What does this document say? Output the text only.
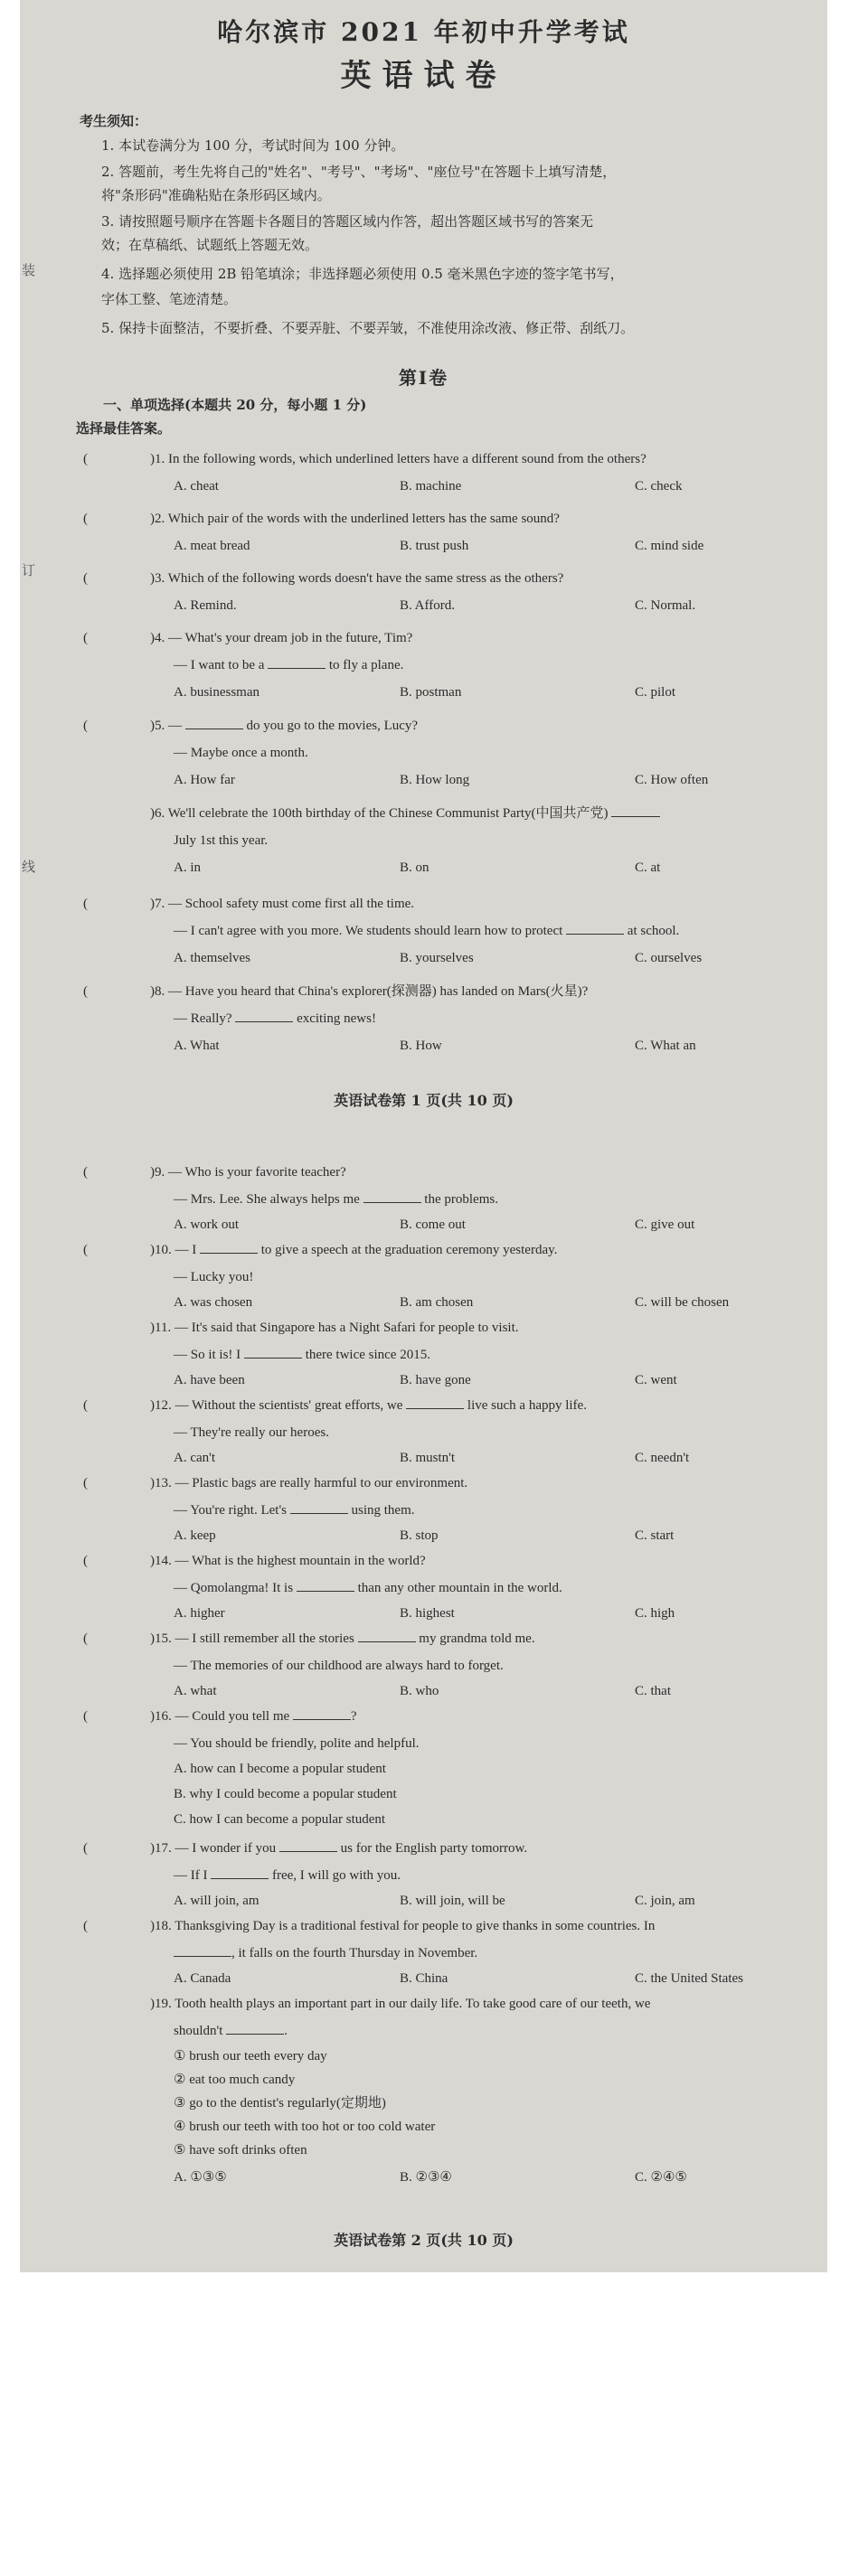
哈尔滨市 2021 年初中升学考试
英语试卷
考生须知：
1. 本试卷满分为 100 分，考试时间为 100 分钟。
2. 答题前，考生先将自己的"姓名"、"考号"、"考场"、"座位号"在答题卡上填写清楚，
将"条形码"准确粘贴在条形码区域内。
3. 请按照题号顺序在答题卡各题目的答题区域内作答，超出答题区域书写的答案无
效；在草稿纸、试题纸上答题无效。
4. 选择题必须使用 2B 铅笔填涂；非选择题必须使用 0.5 毫米黑色字迹的签字笔书写，
字体工整、笔迹清楚。
5. 保持卡面整洁，不要折叠、不要弄脏、不要弄皱，不准使用涂改液、修正带、刮纸刀。
装
订
线
第Ⅰ卷
一、单项选择(本题共 20 分，每小题 1 分)
选择最佳答案。
(	)1. In the following words, which underlined letters have a different sound from the others?
A. cheat	B. machine	C. check
(	)2. Which pair of the words with the underlined letters has the same sound?
A. meat bread	B. trust push	C. mind side
(	)3. Which of the following words doesn't have the same stress as the others?
A. Remind.	B. Afford.	C. Normal.
(	)4. — What's your dream job in the future, Tim?
— I want to be a	to fly a plane.
A. businessman	B. postman	C. pilot
(	)5. —	do you go to the movies, Lucy?
— Maybe once a month.
A. How far	B. How long	C. How often
)6. We'll celebrate the 100th birthday of the Chinese Communist Party(中国共产党)
July 1st this year.
A. in	B. on	C. at
(	)7. — School safety must come first all the time.
— I can't agree with you more. We students should learn how to protect	at school.
A. themselves	B. yourselves	C. ourselves
(	)8. — Have you heard that China's explorer(探测器) has landed on Mars(火星)?
— Really?	exciting news!
A. What	B. How	C. What an
英语试卷第 1 页(共 10 页)
(	)9. — Who is your favorite teacher?
— Mrs. Lee. She always helps me	the problems.
A. work out	B. come out	C. give out
(	)10. — I	to give a speech at the graduation ceremony yesterday.
— Lucky you!
A. was chosen	B. am chosen	C. will be chosen
)11. — It's said that Singapore has a Night Safari for people to visit.
— So it is! I	there twice since 2015.
A. have been	B. have gone	C. went
(	)12. — Without the scientists' great efforts, we	live such a happy life.
— They're really our heroes.
A. can't	B. mustn't	C. needn't
(	)13. — Plastic bags are really harmful to our environment.
— You're right. Let's	using them.
A. keep	B. stop	C. start
(	)14. — What is the highest mountain in the world?
— Qomolangma! It is	than any other mountain in the world.
A. higher	B. highest	C. high
(	)15. — I still remember all the stories	my grandma told me.
— The memories of our childhood are always hard to forget.
A. what	B. who	C. that
(	)16. — Could you tell me	?
— You should be friendly, polite and helpful.
A. how can I become a popular student
B. why I could become a popular student
C. how I can become a popular student
(	)17. — I wonder if you	us for the English party tomorrow.
— If I	free, I will go with you.
A. will join, am	B. will join, will be	C. join, am
(	)18. Thanksgiving Day is a traditional festival for people to give thanks in some countries. In
, it falls on the fourth Thursday in November.
A. Canada	B. China	C. the United States
)19. Tooth health plays an important part in our daily life. To take good care of our teeth, we
shouldn't	.
① brush our teeth every day
② eat too much candy
③ go to the dentist's regularly(定期地)
④ brush our teeth with too hot or too cold water
⑤ have soft drinks often
A. ①③⑤	B. ②③④	C. ②④⑤
英语试卷第 2 页(共 10 页)
